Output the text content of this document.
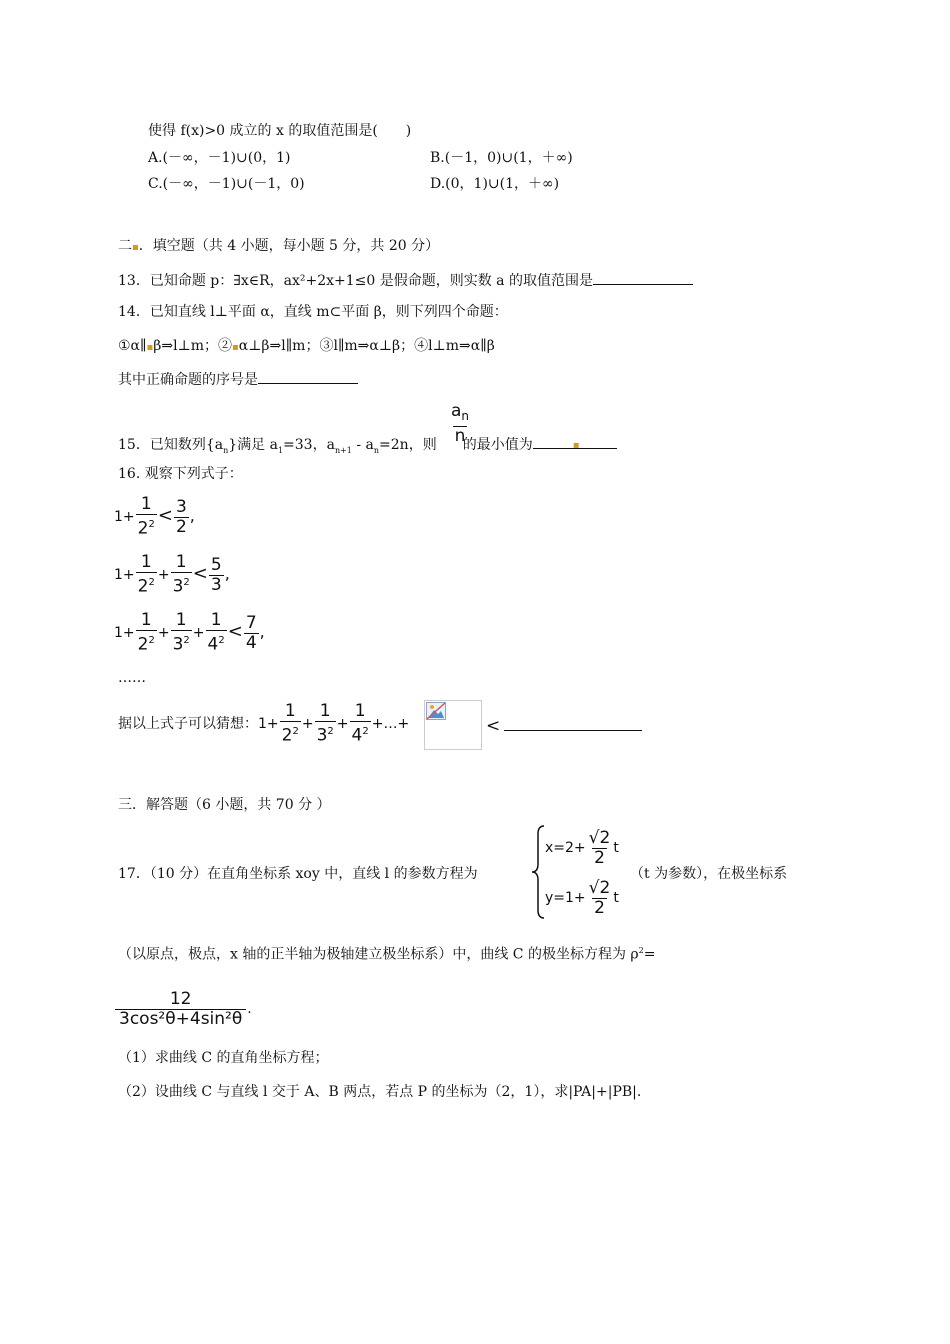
使得 f(x)>0 成立的 x 的取值范围是(　　)
A.(－∞，－1)∪(0，1)	B.(－1，0)∪(1，＋∞)
C.(－∞，－1)∪(－1，0)	D.(0，1)∪(1，＋∞)
二▪．填空题（共 4 小题，每小题 5 分，共 20 分）
13．已知命题 p：∃x∈R，ax²+2x+1≤0 是假命题，则实数 a 的取值范围是
14．已知直线 l⊥平面 α，直线 m⊂平面 β，则下列四个命题：
①α∥▪β⇒l⊥m；②▪α⊥β⇒l∥m；③l∥m⇒α⊥β；④l⊥m⇒α∥β
其中正确命题的序号是
$\frac{a_n}{n}$
15．已知数列$\{a_n\}$满足 $a_1=33$，$a_{n+1} - a_n=2n$，则 的最小值为	▪
16. 观察下列式子：
$1+ \frac{1}{2^2} < \frac{3}{2}$ ,
$1+ \frac{1}{2^2} + \frac{1}{3^2} < \frac{5}{3}$ ,
$1+ \frac{1}{2^2} + \frac{1}{3^2} + \frac{1}{4^2} < \frac{7}{4}$ ,
……
据以上式子可以猜想：$1+ \frac{1}{2^2} + \frac{1}{3^2} + \frac{1}{4^2}$ +…+	<
三．解答题（6 小题，共 70 分 ）
17．（10 分）在直角坐标系 xoy 中，直线 l 的参数方程为
$x=2+ \frac{√2}{2}$ t
$y=1+ \frac{√2}{2}$ t
（t 为参数），在极坐标系
（以原点，极点，x 轴的正半轴为极轴建立极坐标系）中，曲线 C 的极坐标方程为 $\rho^2=$
$\frac{12}{\text{3cos²θ+4sin²θ}}$ .
（1）求曲线 C 的直角坐标方程；
（2）设曲线 C 与直线 l 交于 A、B 两点，若点 P 的坐标为（2，1），求|PA|+|PB|.
